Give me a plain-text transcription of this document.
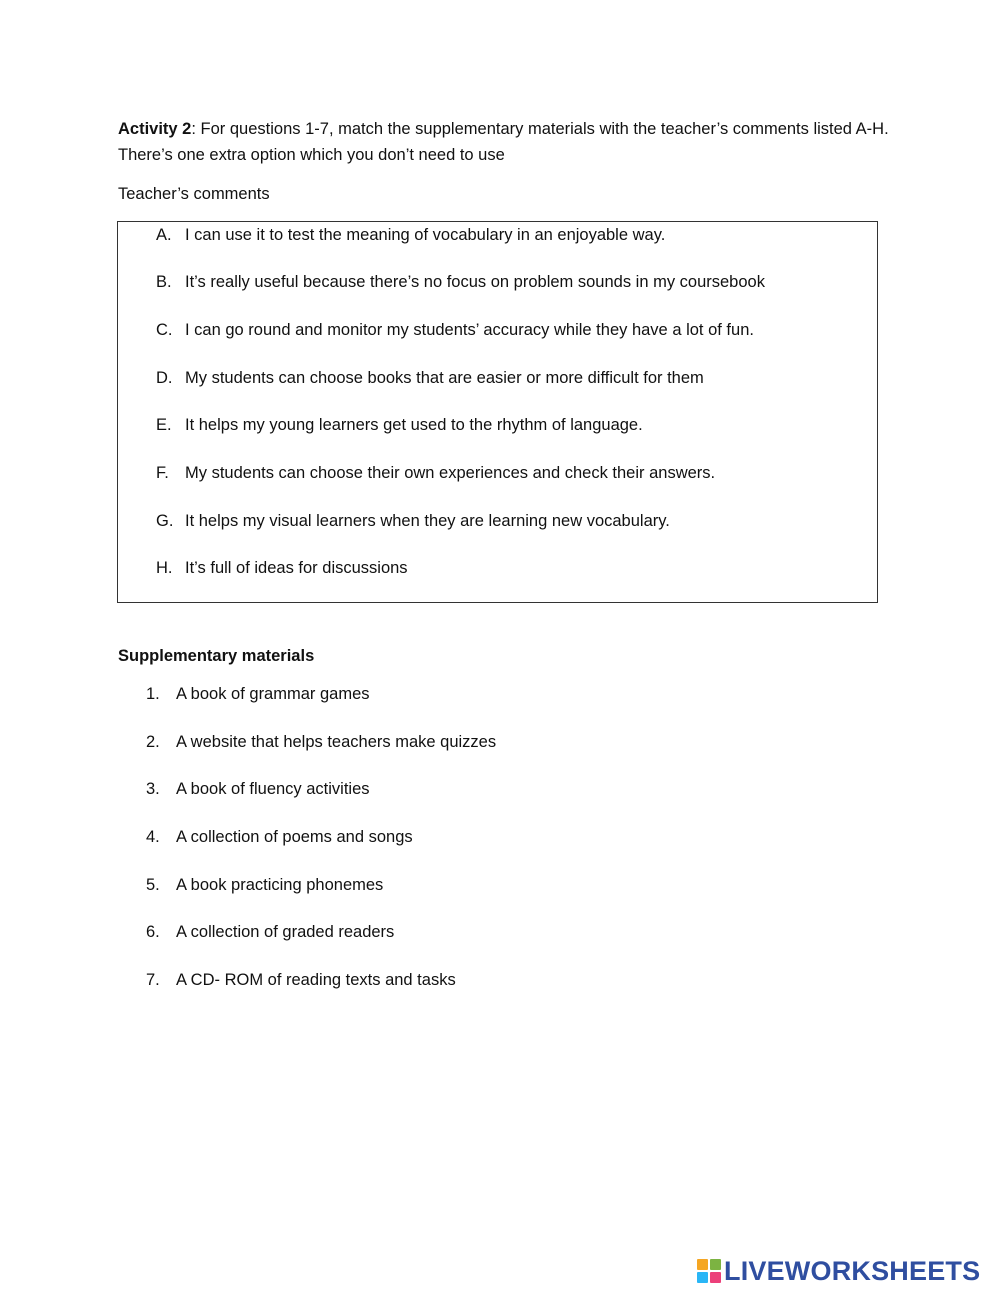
Activity 2: For questions 1-7, match the supplementary materials with the teacher’s comments listed A-H. There’s one extra option which you don’t need to use
Teacher’s comments
A. I can use it to test the meaning of vocabulary in an enjoyable way.
B. It’s really useful because there’s no focus on problem sounds in my coursebook
C. I can go round and monitor my students’ accuracy while they have a lot of fun.
D. My students can choose books that are easier or more difficult for them
E. It helps my young learners get used to the rhythm of language.
F. My students can choose their own experiences and check their answers.
G. It helps my visual learners when they are learning new vocabulary.
H. It’s full of ideas for discussions
Supplementary materials
1. A book of grammar games
2. A website that helps teachers make quizzes
3. A book of fluency activities
4. A collection of poems and songs
5. A book practicing phonemes
6. A collection of graded readers
7. A CD- ROM of reading texts and tasks
LIVEWORKSHEETS
